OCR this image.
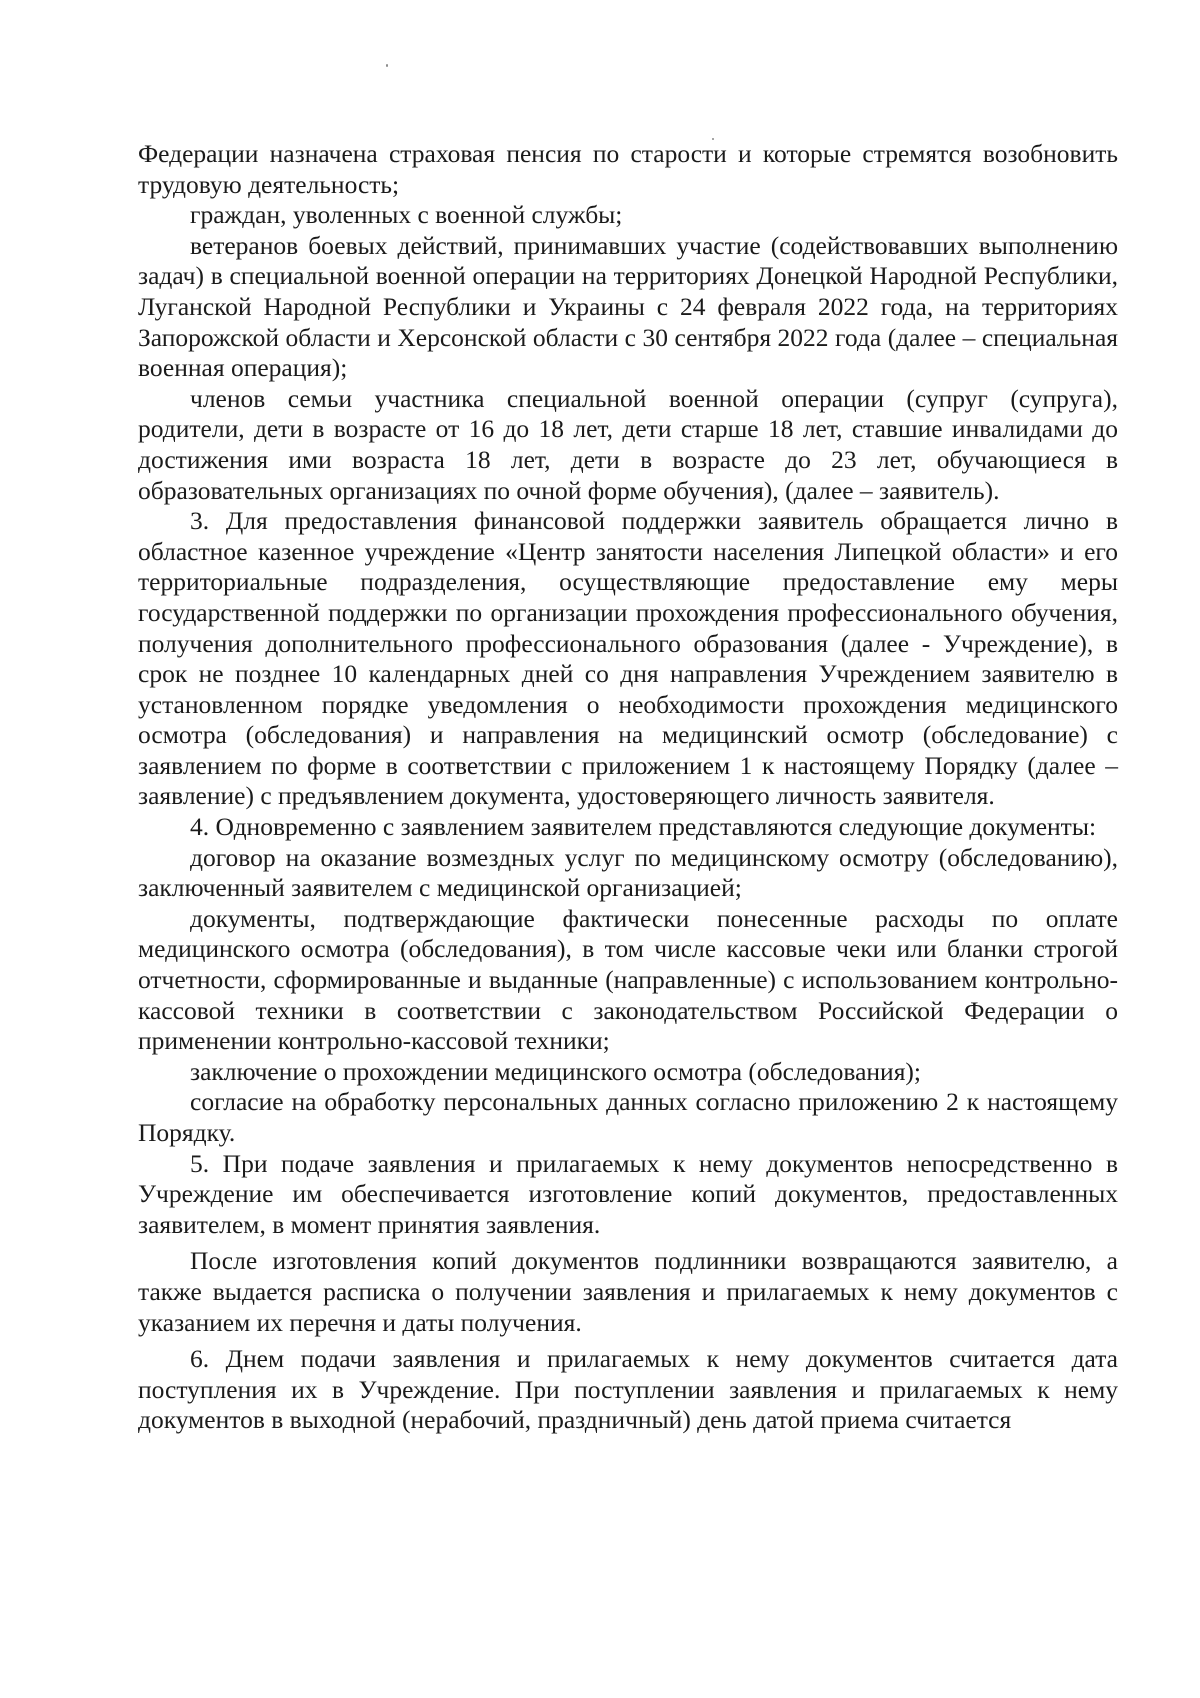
Федерации назначена страховая пенсия по старости и которые стремятся возобновить трудовую деятельность;

граждан, уволенных с военной службы;

ветеранов боевых действий, принимавших участие (содействовавших выполнению задач) в специальной военной операции на территориях Донецкой Народной Республики, Луганской Народной Республики и Украины с 24 февраля 2022 года, на территориях Запорожской области и Херсонской области с 30 сентября 2022 года (далее – специальная военная операция);

членов семьи участника специальной военной операции (супруг (супруга), родители, дети в возрасте от 16 до 18 лет, дети старше 18 лет, ставшие инвалидами до достижения ими возраста 18 лет, дети в возрасте до 23 лет, обучающиеся в образовательных организациях по очной форме обучения), (далее – заявитель).

3. Для предоставления финансовой поддержки заявитель обращается лично в областное казенное учреждение «Центр занятости населения Липецкой области» и его территориальные подразделения, осуществляющие предоставление ему меры государственной поддержки по организации прохождения профессионального обучения, получения дополнительного профессионального образования (далее - Учреждение), в срок не позднее 10 календарных дней со дня направления Учреждением заявителю в установленном порядке уведомления о необходимости прохождения медицинского осмотра (обследования) и направления на медицинский осмотр (обследование) с заявлением по форме в соответствии с приложением 1 к настоящему Порядку (далее – заявление) с предъявлением документа, удостоверяющего личность заявителя.

4. Одновременно с заявлением заявителем представляются следующие документы:

договор на оказание возмездных услуг по медицинскому осмотру (обследованию), заключенный заявителем с медицинской организацией;

документы, подтверждающие фактически понесенные расходы по оплате медицинского осмотра (обследования), в том числе кассовые чеки или бланки строгой отчетности, сформированные и выданные (направленные) с использованием контрольно-кассовой техники в соответствии с законодательством Российской Федерации о применении контрольно-кассовой техники;

заключение о прохождении медицинского осмотра (обследования);

согласие на обработку персональных данных согласно приложению 2 к настоящему Порядку.

5. При подаче заявления и прилагаемых к нему документов непосредственно в Учреждение им обеспечивается изготовление копий документов, предоставленных заявителем, в момент принятия заявления.

После изготовления копий документов подлинники возвращаются заявителю, а также выдается расписка о получении заявления и прилагаемых к нему документов с указанием их перечня и даты получения.

6. Днем подачи заявления и прилагаемых к нему документов считается дата поступления их в Учреждение. При поступлении заявления и прилагаемых к нему документов в выходной (нерабочий, праздничный) день датой приема считается
